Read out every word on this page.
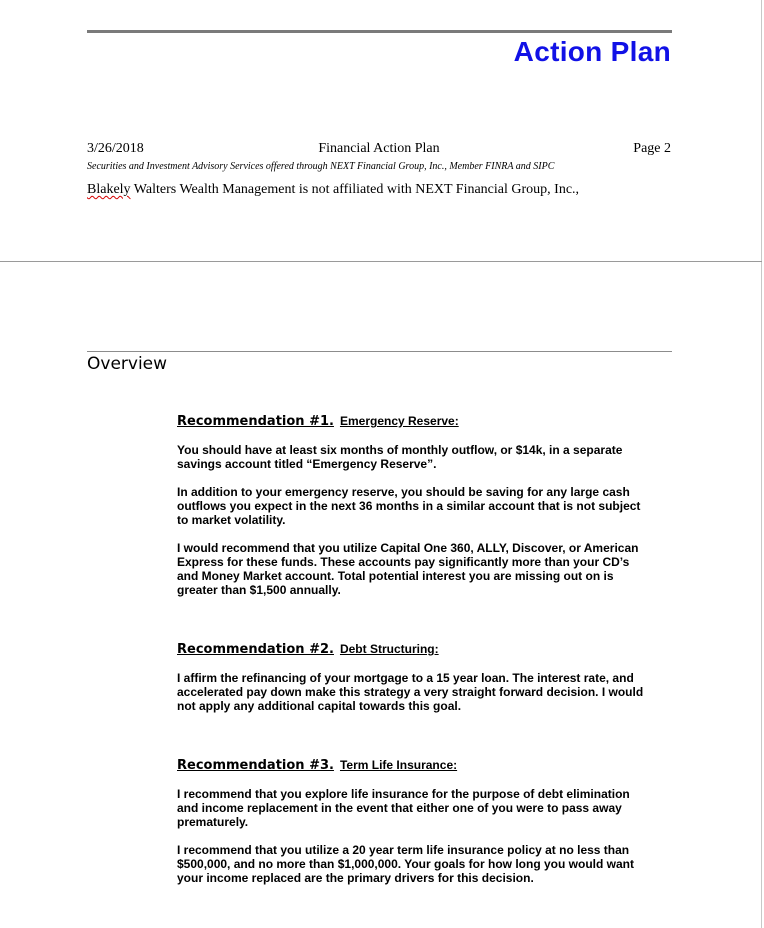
Action Plan
3/26/2018	Financial Action Plan	Page 2
Securities and Investment Advisory Services offered through NEXT Financial Group, Inc., Member FINRA and SIPC
Blakely Walters Wealth Management is not affiliated with NEXT Financial Group, Inc.,
Overview
Recommendation #1. Emergency Reserve:

You should have at least six months of monthly outflow, or $14k, in a separate
savings account titled “Emergency Reserve”.

In addition to your emergency reserve, you should be saving for any large cash
outflows you expect in the next 36 months in a similar account that is not subject
to market volatility.

I would recommend that you utilize Capital One 360, ALLY, Discover, or American
Express for these funds. These accounts pay significantly more than your CD’s
and Money Market account. Total potential interest you are missing out on is
greater than $1,500 annually.

Recommendation #2. Debt Structuring:

I affirm the refinancing of your mortgage to a 15 year loan. The interest rate, and
accelerated pay down make this strategy a very straight forward decision. I would
not apply any additional capital towards this goal.

Recommendation #3. Term Life Insurance:

I recommend that you explore life insurance for the purpose of debt elimination
and income replacement in the event that either one of you were to pass away
prematurely.

I recommend that you utilize a 20 year term life insurance policy at no less than
$500,000, and no more than $1,000,000. Your goals for how long you would want
your income replaced are the primary drivers for this decision.
